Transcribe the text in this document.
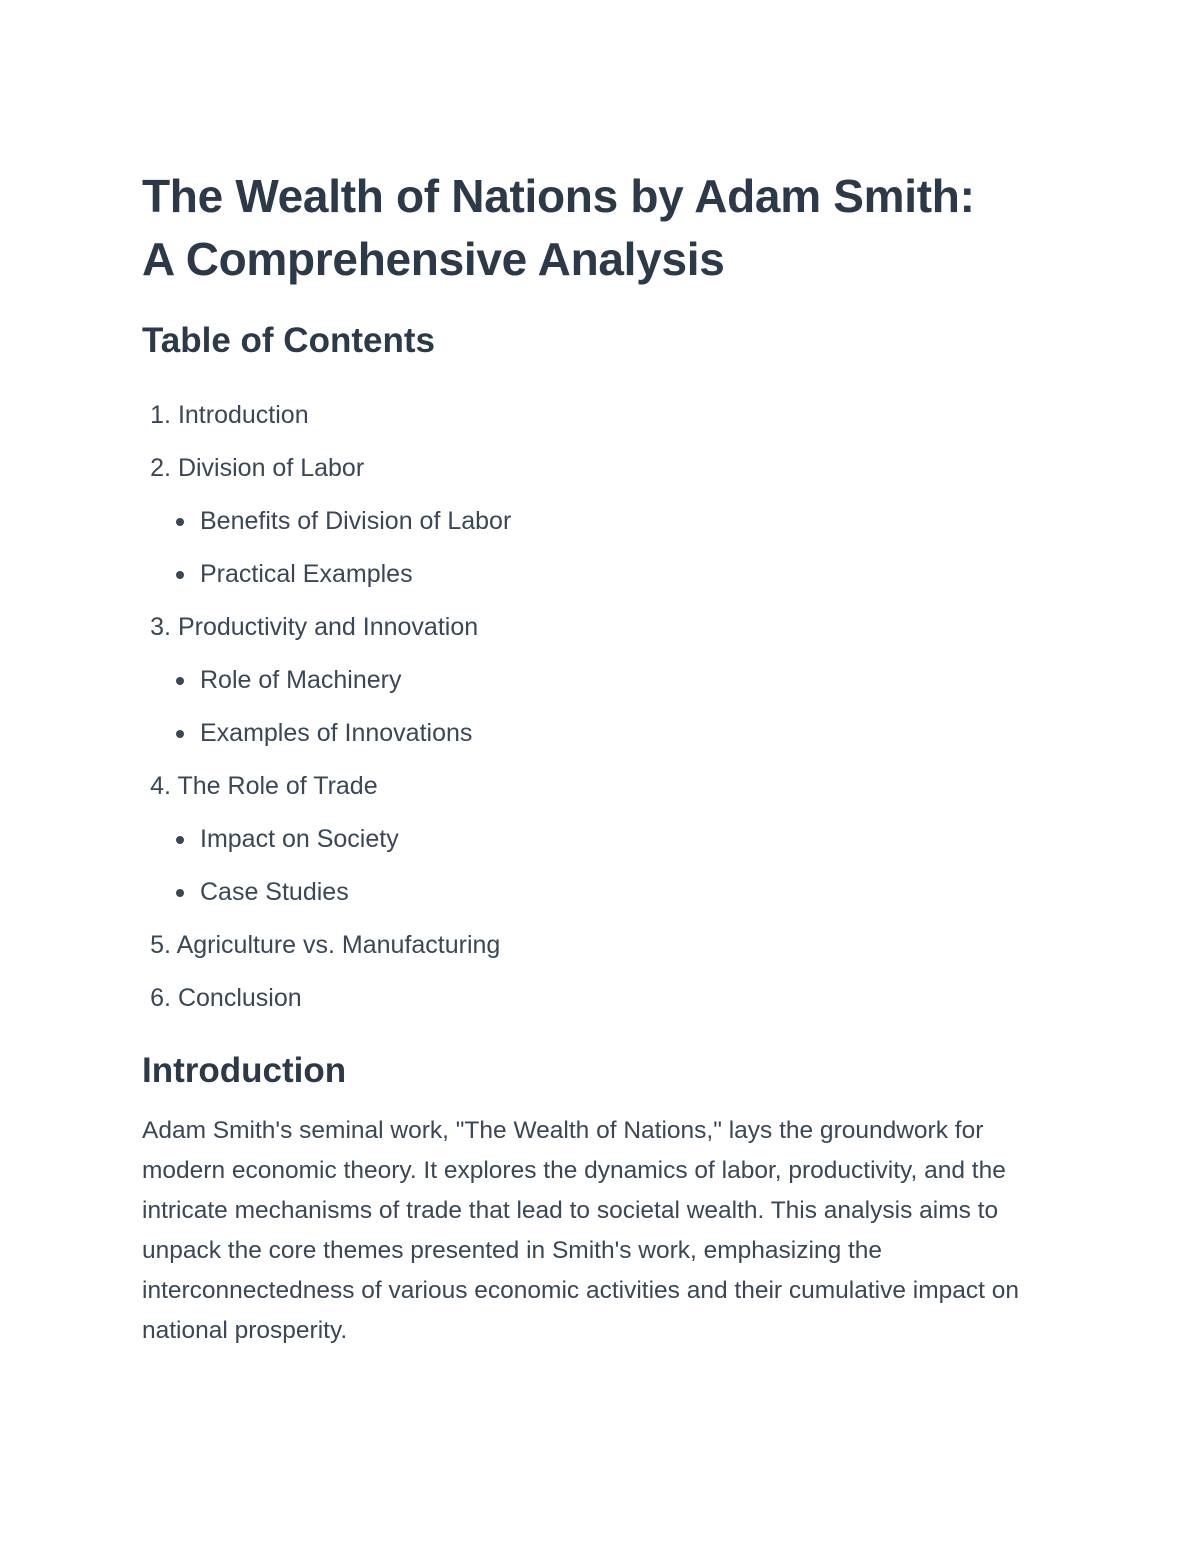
The Wealth of Nations by Adam Smith:
A Comprehensive Analysis
Table of Contents
1. Introduction
2. Division of Labor
Benefits of Division of Labor
Practical Examples
3. Productivity and Innovation
Role of Machinery
Examples of Innovations
4. The Role of Trade
Impact on Society
Case Studies
5. Agriculture vs. Manufacturing
6. Conclusion
Introduction

Adam Smith's seminal work, "The Wealth of Nations," lays the groundwork for modern economic theory. It explores the dynamics of labor, productivity, and the intricate mechanisms of trade that lead to societal wealth. This analysis aims to unpack the core themes presented in Smith's work, emphasizing the interconnectedness of various economic activities and their cumulative impact on national prosperity.
